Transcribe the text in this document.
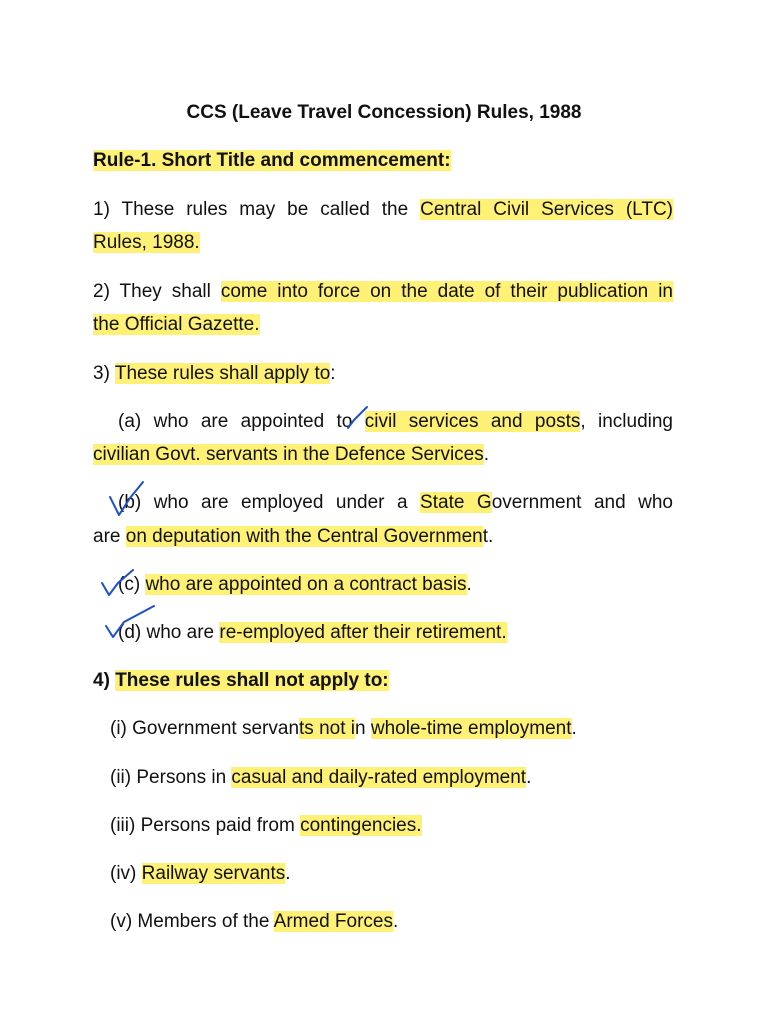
CCS (Leave Travel Concession) Rules, 1988
Rule-1. Short Title and commencement:
1) These rules may be called the Central Civil Services (LTC)
Rules, 1988.
2) They shall come into force on the date of their publication in
the Official Gazette.
3) These rules shall apply to:
(a) who are appointed to civil services and posts, including
civilian Govt. servants in the Defence Services.
(b) who are employed under a State Government and who
are on deputation with the Central Government.
(c) who are appointed on a contract basis.
(d) who are re-employed after their retirement.
4) These rules shall not apply to:
(i) Government servants not in whole-time employment.
(ii) Persons in casual and daily-rated employment.
(iii) Persons paid from contingencies.
(iv) Railway servants.
(v) Members of the Armed Forces.
